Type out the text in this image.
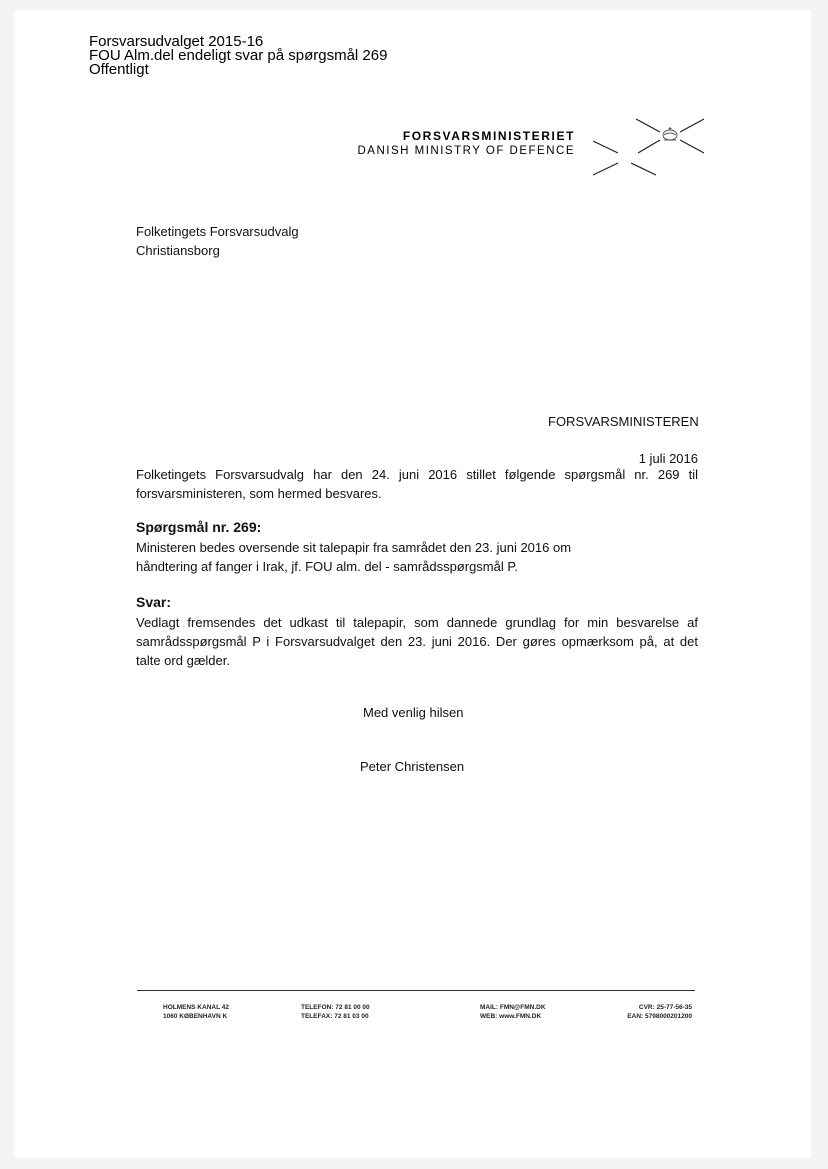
Forsvarsudvalget 2015-16
FOU Alm.del endeligt svar på spørgsmål 269
Offentligt
FORSVARSMINISTERIET
DANISH MINISTRY OF DEFENCE
Folketingets Forsvarsudvalg
Christiansborg
FORSVARSMINISTEREN
1 juli 2016
Folketingets Forsvarsudvalg har den 24. juni 2016 stillet følgende spørgsmål nr. 269 til forsvarsministeren, som hermed besvares.
Spørgsmål nr. 269:
Ministeren bedes oversende sit talepapir fra samrådet den 23. juni 2016 om
håndtering af fanger i Irak, jf. FOU alm. del - samrådsspørgsmål P.
Svar:
Vedlagt fremsendes det udkast til talepapir, som dannede grundlag for min besvarelse af samrådsspørgsmål P i Forsvarsudvalget den 23. juni 2016. Der gøres opmærksom på, at det talte ord gælder.
Med venlig hilsen
Peter Christensen
HOLMENS KANAL 42
1060 KØBENHAVN K
TELEFON: 72 81 00 00
TELEFAX: 72 81 03 00
MAIL: FMN@FMN.DK
WEB: www.FMN.DK
CVR: 25-77-56-35
EAN: 5798000201200
